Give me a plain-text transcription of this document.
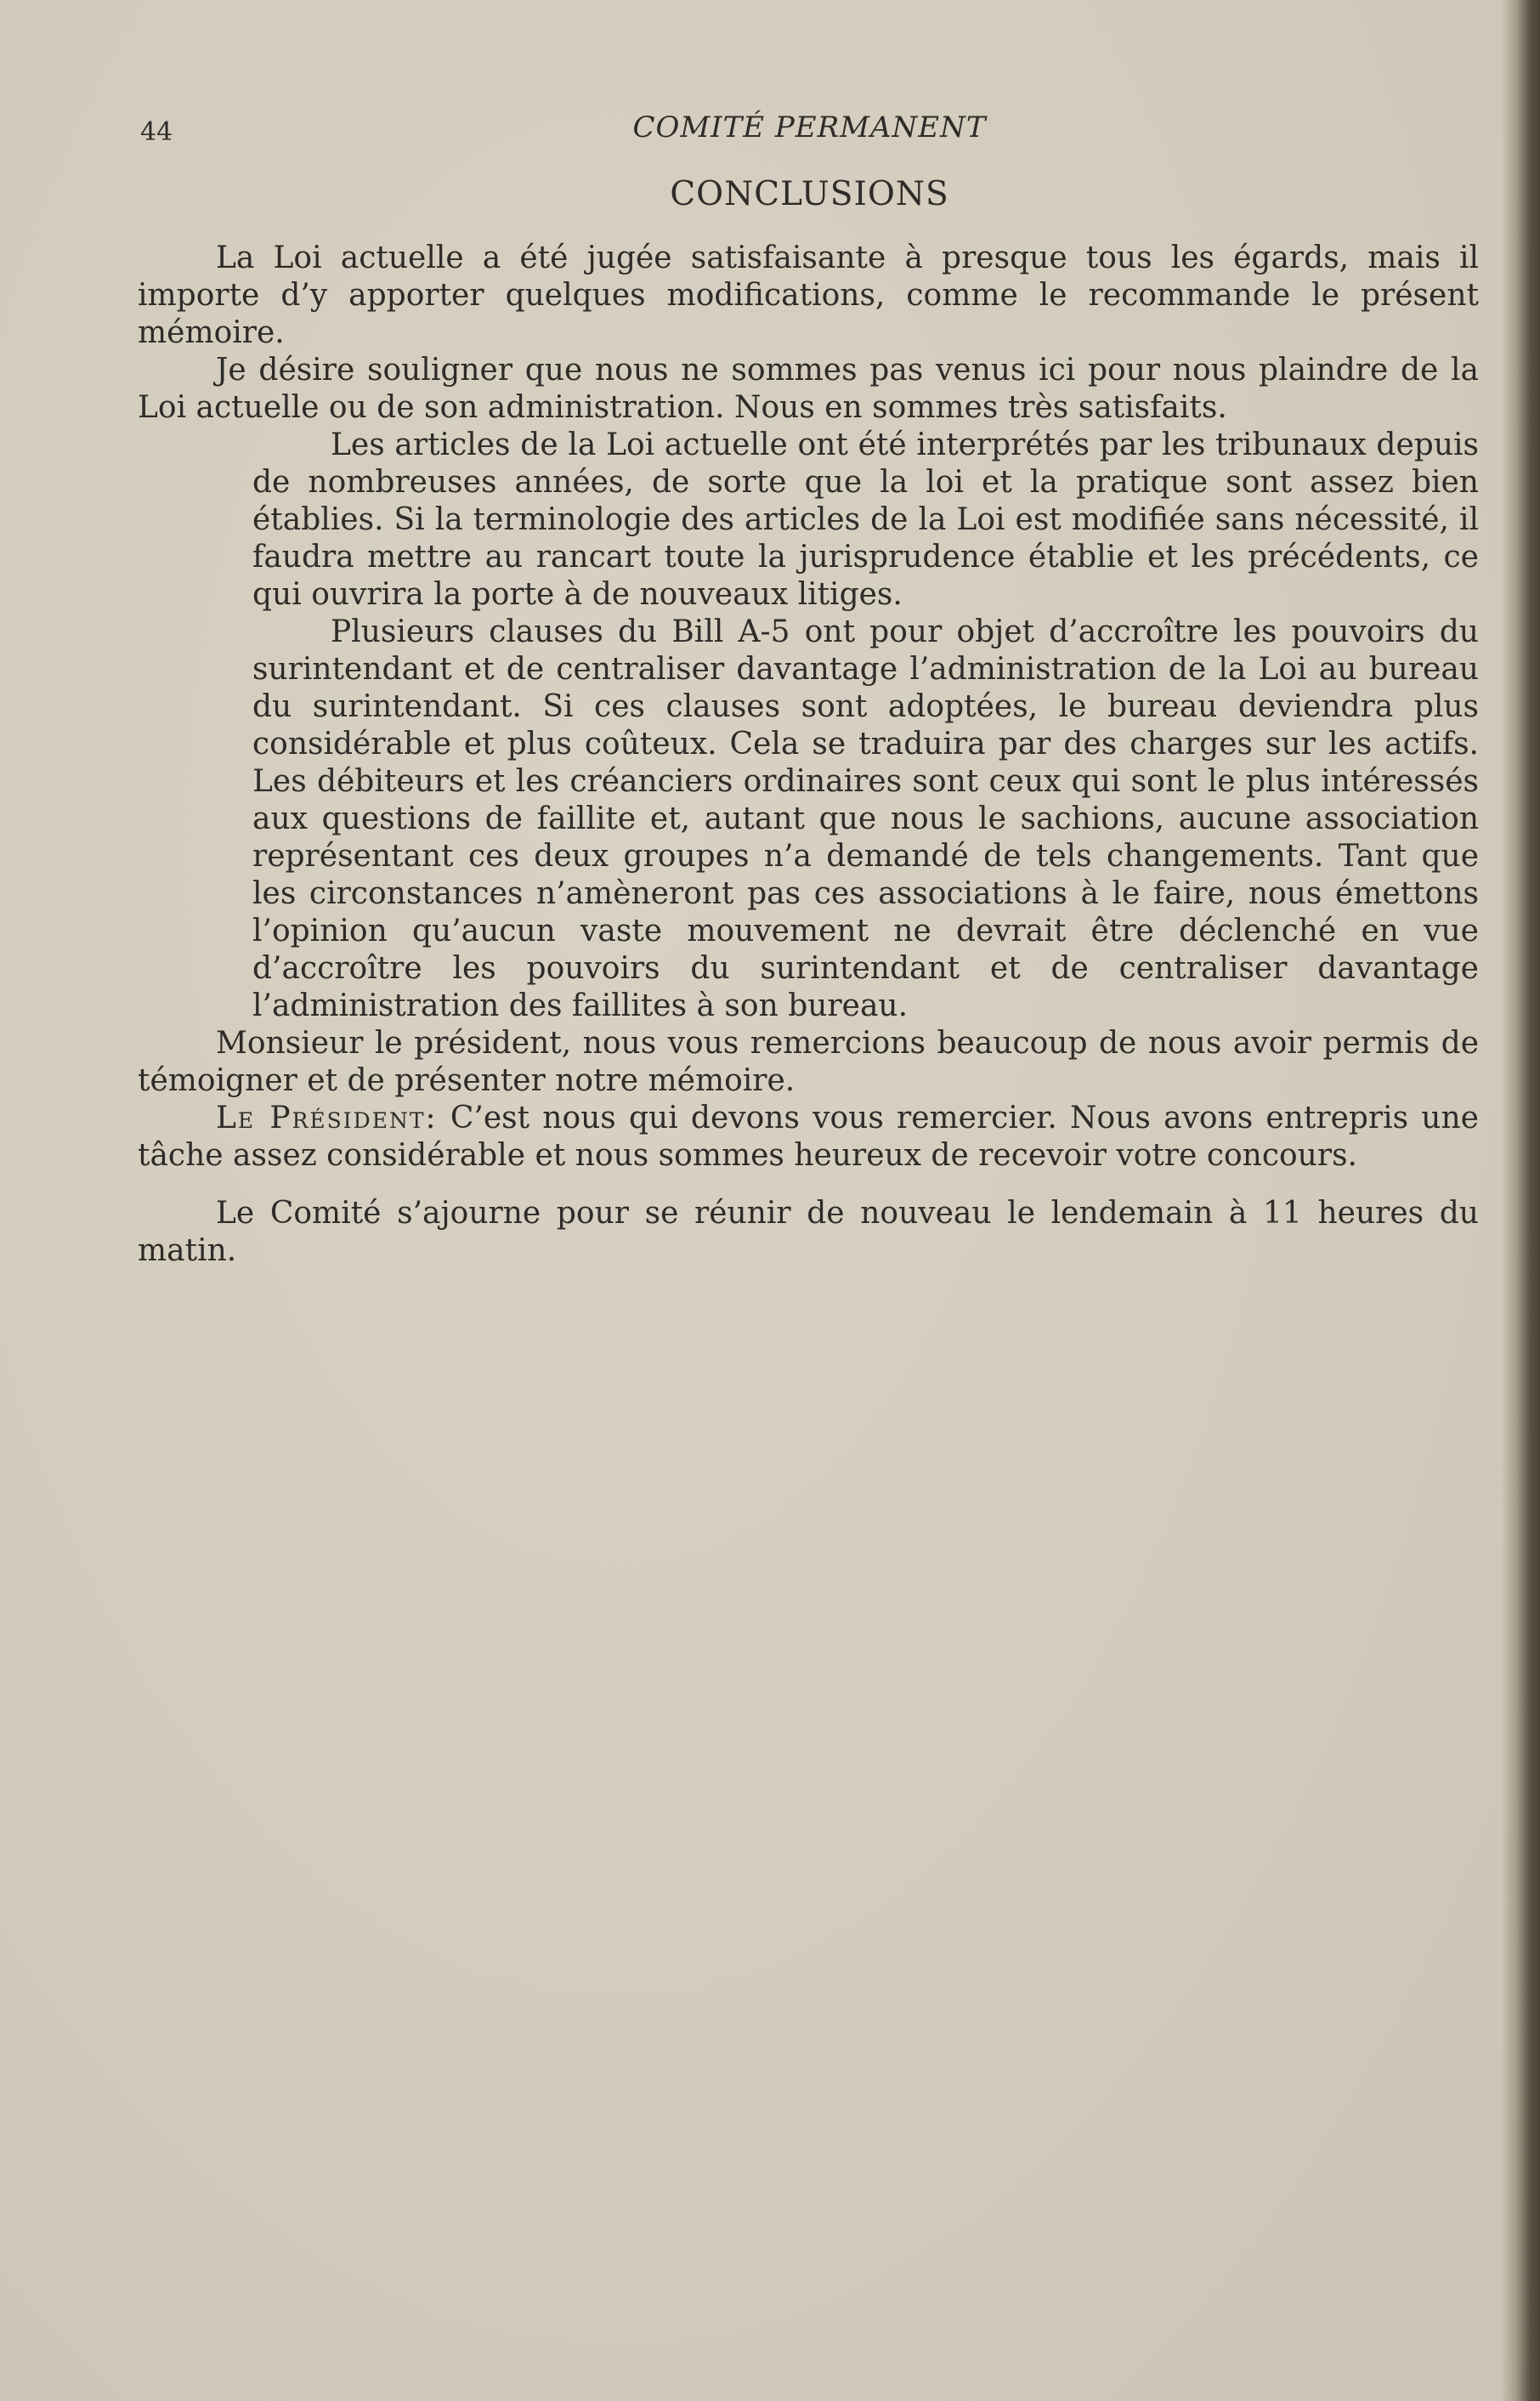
44	COMITÉ PERMANENT
CONCLUSIONS

La Loi actuelle a été jugée satisfaisante à presque tous les égards, mais il importe d’y apporter quelques modifications, comme le recommande le présent mémoire.

Je désire souligner que nous ne sommes pas venus ici pour nous plaindre de la Loi actuelle ou de son administration. Nous en sommes très satisfaits.

Les articles de la Loi actuelle ont été interprétés par les tribunaux depuis de nombreuses années, de sorte que la loi et la pratique sont assez bien établies. Si la terminologie des articles de la Loi est modifiée sans nécessité, il faudra mettre au rancart toute la jurisprudence établie et les précédents, ce qui ouvrira la porte à de nouveaux litiges.

Plusieurs clauses du Bill A-5 ont pour objet d’accroître les pouvoirs du surintendant et de centraliser davantage l’administration de la Loi au bureau du surintendant. Si ces clauses sont adoptées, le bureau deviendra plus considérable et plus coûteux. Cela se traduira par des charges sur les actifs. Les débiteurs et les créanciers ordinaires sont ceux qui sont le plus intéressés aux questions de faillite et, autant que nous le sachions, aucune association représentant ces deux groupes n’a demandé de tels changements. Tant que les circonstances n’amèneront pas ces associations à le faire, nous émettons l’opinion qu’aucun vaste mouvement ne devrait être déclenché en vue d’accroître les pouvoirs du surintendant et de centraliser davantage l’administration des faillites à son bureau.

Monsieur le président, nous vous remercions beaucoup de nous avoir permis de témoigner et de présenter notre mémoire.

Le Président: C’est nous qui devons vous remercier. Nous avons entrepris une tâche assez considérable et nous sommes heureux de recevoir votre concours.

Le Comité s’ajourne pour se réunir de nouveau le lendemain à 11 heures du matin.
